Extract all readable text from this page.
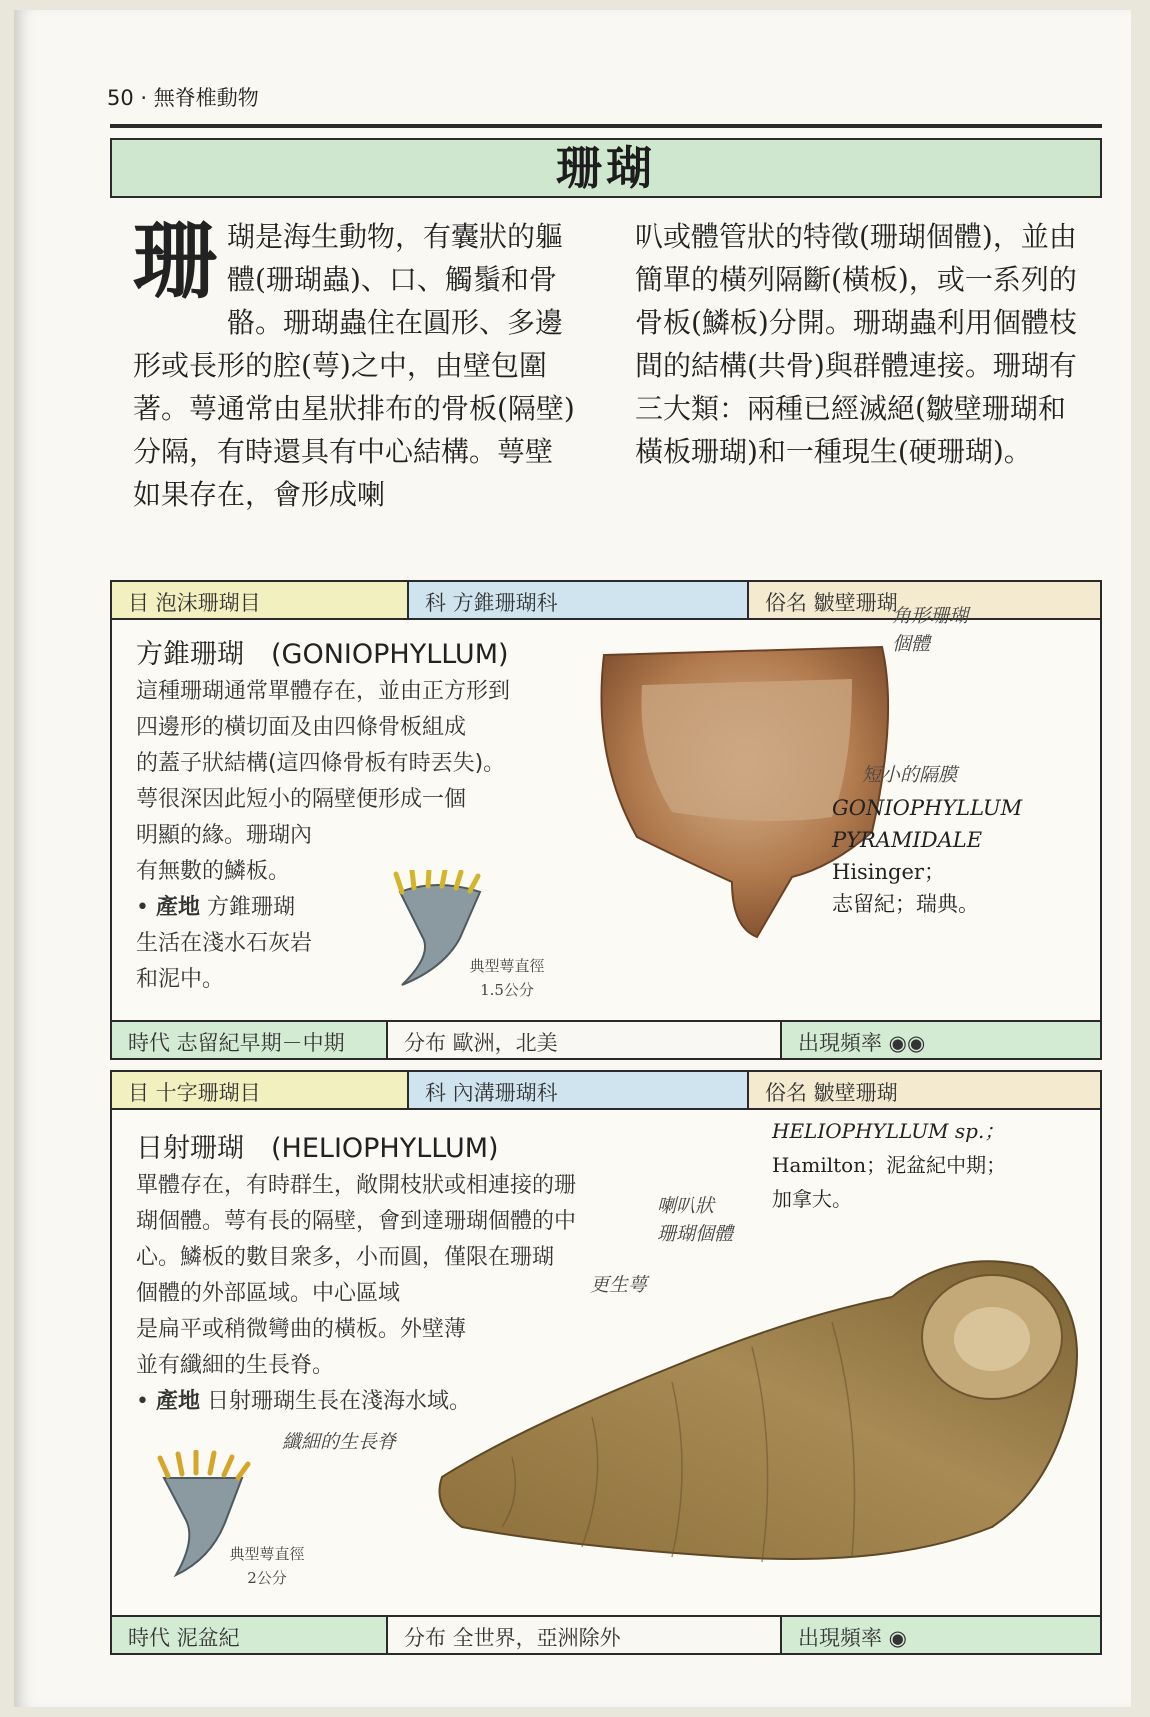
50 · 無脊椎動物
珊瑚
珊瑚是海生動物，有囊狀的軀體(珊瑚蟲)、口、觸鬚和骨骼。珊瑚蟲住在圓形、多邊形或長形的腔(萼)之中，由壁包圍著。萼通常由星狀排布的骨板(隔壁)分隔，有時還具有中心結構。萼壁如果存在，會形成喇
叭或體管狀的特徵(珊瑚個體)，並由簡單的橫列隔斷(橫板)，或一系列的骨板(鱗板)分開。珊瑚蟲利用個體枝間的結構(共骨)與群體連接。珊瑚有三大類：兩種已經滅絕(皺壁珊瑚和橫板珊瑚)和一種現生(硬珊瑚)。
目 泡沫珊瑚目	科 方錐珊瑚科	俗名 皺壁珊瑚
方錐珊瑚　(GONIOPHYLLUM)
這種珊瑚通常單體存在，並由正方形到
四邊形的橫切面及由四條骨板組成
的蓋子狀結構(這四條骨板有時丟失)。
萼很深因此短小的隔壁便形成一個
明顯的緣。珊瑚內
有無數的鱗板。
• 產地 方錐珊瑚
生活在淺水石灰岩
和泥中。
典型萼直徑
1.5公分
角形珊瑚
個體
短小的隔膜
GONIOPHYLLUM
PYRAMIDALE
Hisinger；
志留紀；瑞典。
時代 志留紀早期－中期	分布 歐洲，北美	出現頻率 ◉◉
目 十字珊瑚目	科 內溝珊瑚科	俗名 皺壁珊瑚
日射珊瑚　(HELIOPHYLLUM)
單體存在，有時群生，敞開枝狀或相連接的珊
瑚個體。萼有長的隔壁，會到達珊瑚個體的中
心。鱗板的數目衆多，小而圓，僅限在珊瑚
個體的外部區域。中心區域
是扁平或稍微彎曲的橫板。外壁薄
並有纖細的生長脊。
• 產地 日射珊瑚生長在淺海水域。
典型萼直徑
2公分
HELIOPHYLLUM sp.；
Hamilton；泥盆紀中期；
加拿大。
喇叭狀
珊瑚個體
更生萼
纖細的生長脊
時代 泥盆紀	分布 全世界，亞洲除外	出現頻率 ◉
